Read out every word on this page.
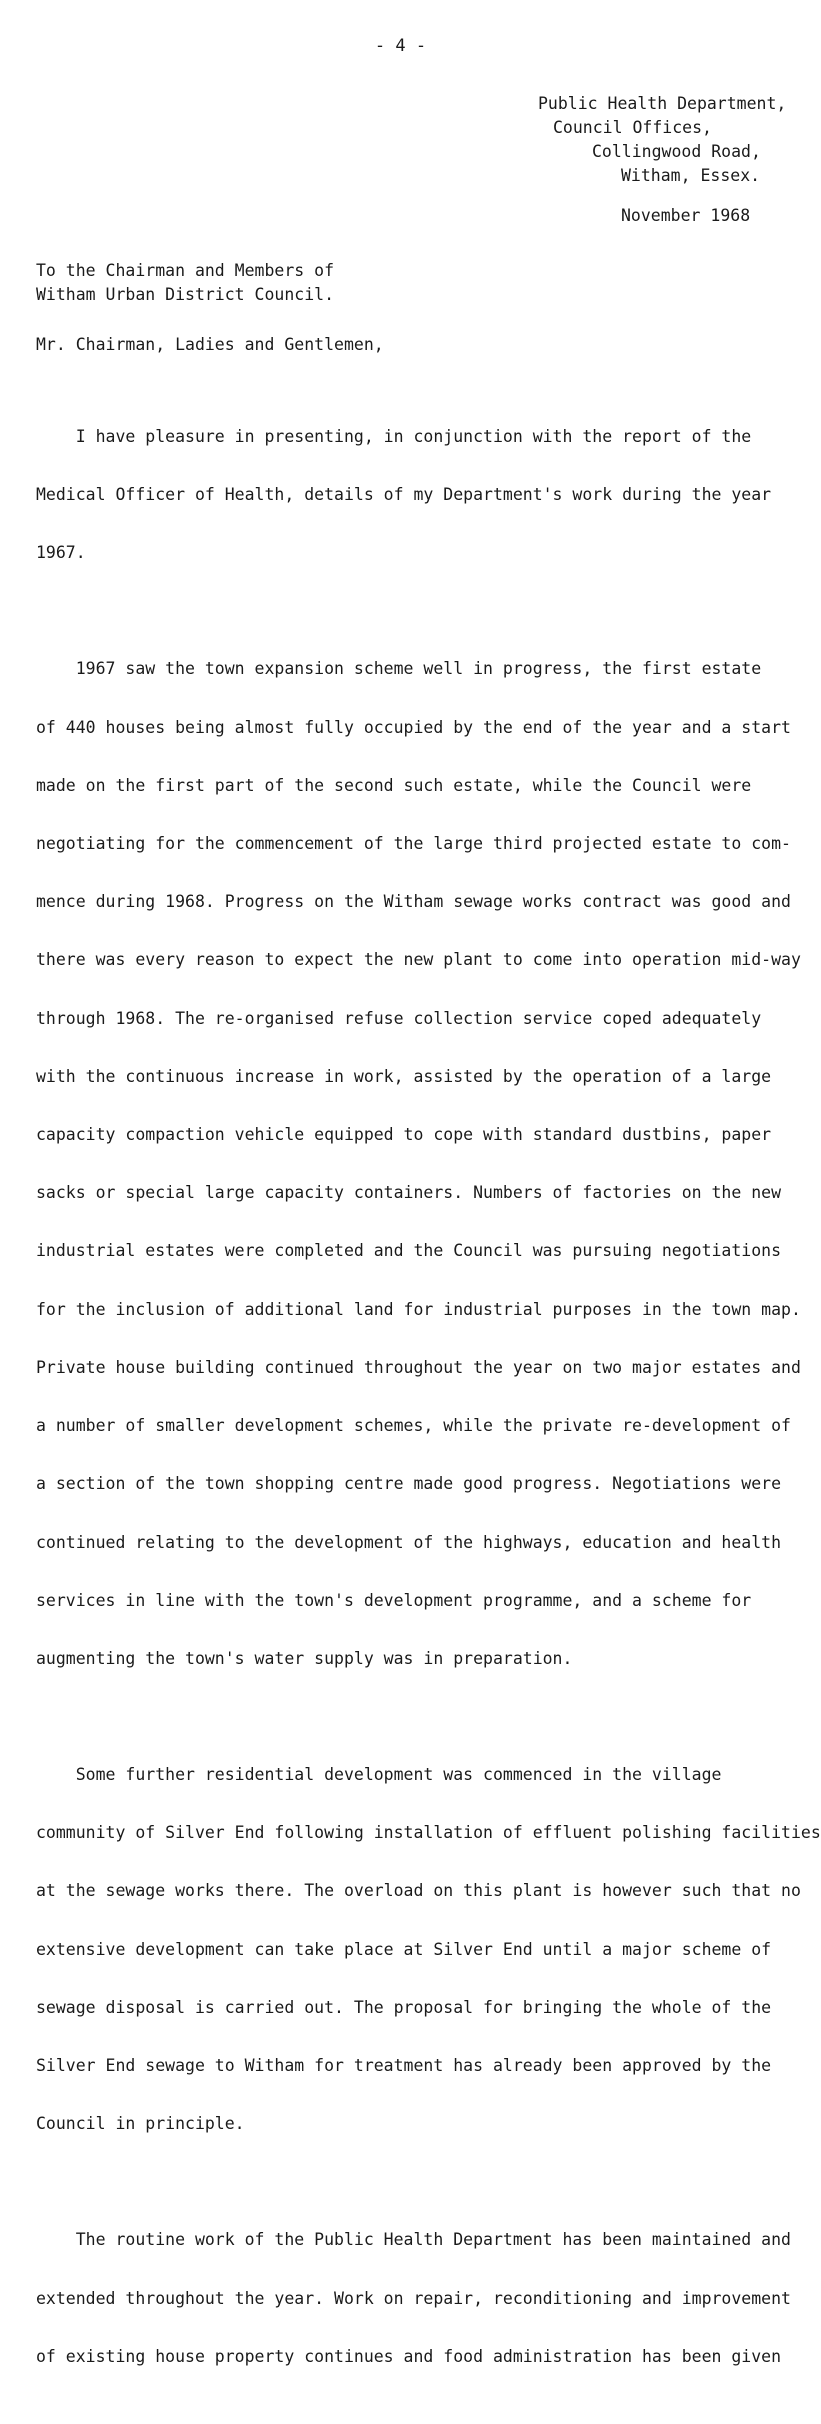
- 4 -
Public Health Department,
Council Offices,
Collingwood Road,
Witham, Essex.
November 1968
To the Chairman and Members of
Witham Urban District Council.
Mr. Chairman, Ladies and Gentlemen,

I have pleasure in presenting, in conjunction with the report of the

Medical Officer of Health, details of my Department's work during the year

1967.

1967 saw the town expansion scheme well in progress, the first estate

of 440 houses being almost fully occupied by the end of the year and a start

made on the first part of the second such estate, while the Council were

negotiating for the commencement of the large third projected estate to com-

mence during 1968. Progress on the Witham sewage works contract was good and

there was every reason to expect the new plant to come into operation mid-way

through 1968. The re-organised refuse collection service coped adequately

with the continuous increase in work, assisted by the operation of a large

capacity compaction vehicle equipped to cope with standard dustbins, paper

sacks or special large capacity containers. Numbers of factories on the new

industrial estates were completed and the Council was pursuing negotiations

for the inclusion of additional land for industrial purposes in the town map.

Private house building continued throughout the year on two major estates and

a number of smaller development schemes, while the private re-development of

a section of the town shopping centre made good progress. Negotiations were

continued relating to the development of the highways, education and health

services in line with the town's development programme, and a scheme for

augmenting the town's water supply was in preparation.

Some further residential development was commenced in the village

community of Silver End following installation of effluent polishing facilities

at the sewage works there. The overload on this plant is however such that no

extensive development can take place at Silver End until a major scheme of

sewage disposal is carried out. The proposal for bringing the whole of the

Silver End sewage to Witham for treatment has already been approved by the

Council in principle.

The routine work of the Public Health Department has been maintained and

extended throughout the year. Work on repair, reconditioning and improvement

of existing house property continues and food administration has been given
